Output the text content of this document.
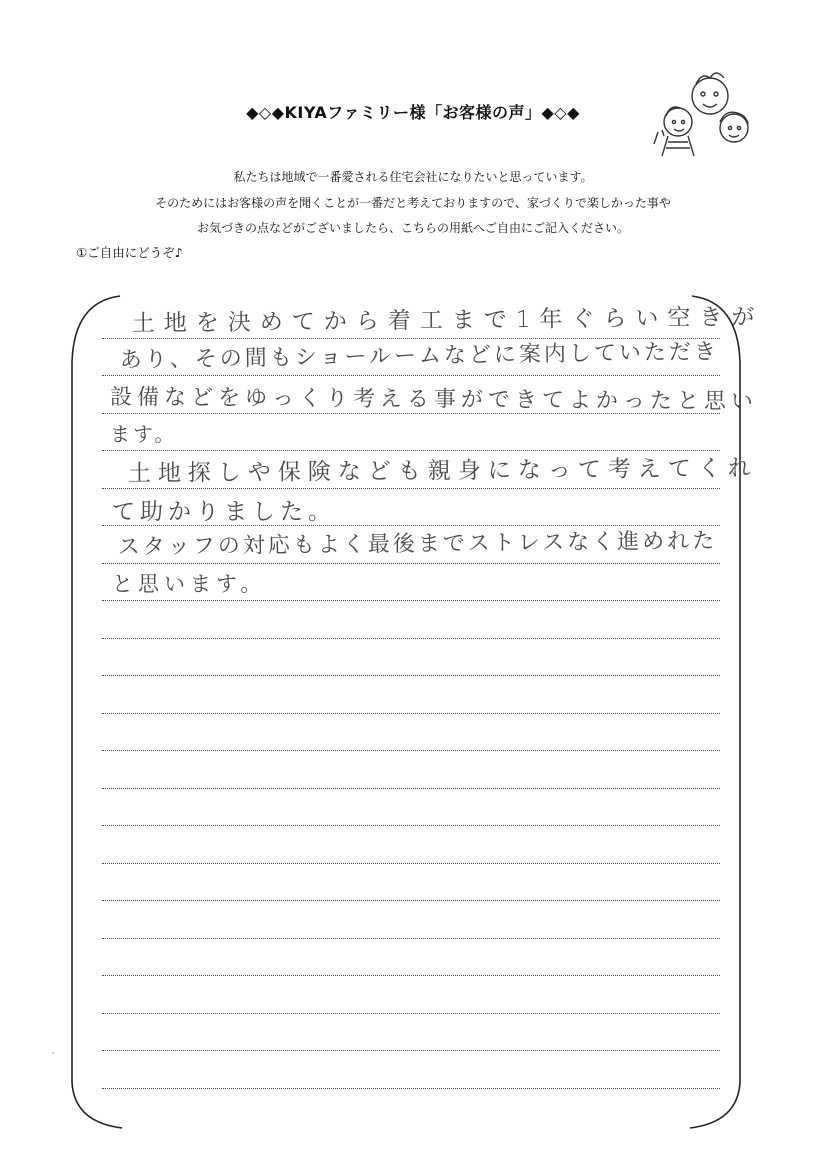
◆◇◆KIYAファミリー様「お客様の声」◆◇◆
私たちは地域で一番愛される住宅会社になりたいと思っています。
そのためにはお客様の声を聞くことが一番だと考えておりますので、家づくりで楽しかった事や
お気づきの点などがございましたら、こちらの用紙へご自由にご記入ください。
①ご自由にどうぞ♪
土地を決めてから着工まで1年ぐらい空きが
あり、その間もショールームなどに案内していただき
設備などをゆっくり考える事ができてよかったと思い
ます。
土地探しや保険なども親身になって考えてくれ
て助かりました。
スタッフの対応もよく最後までストレスなく進めれた
と思います。
